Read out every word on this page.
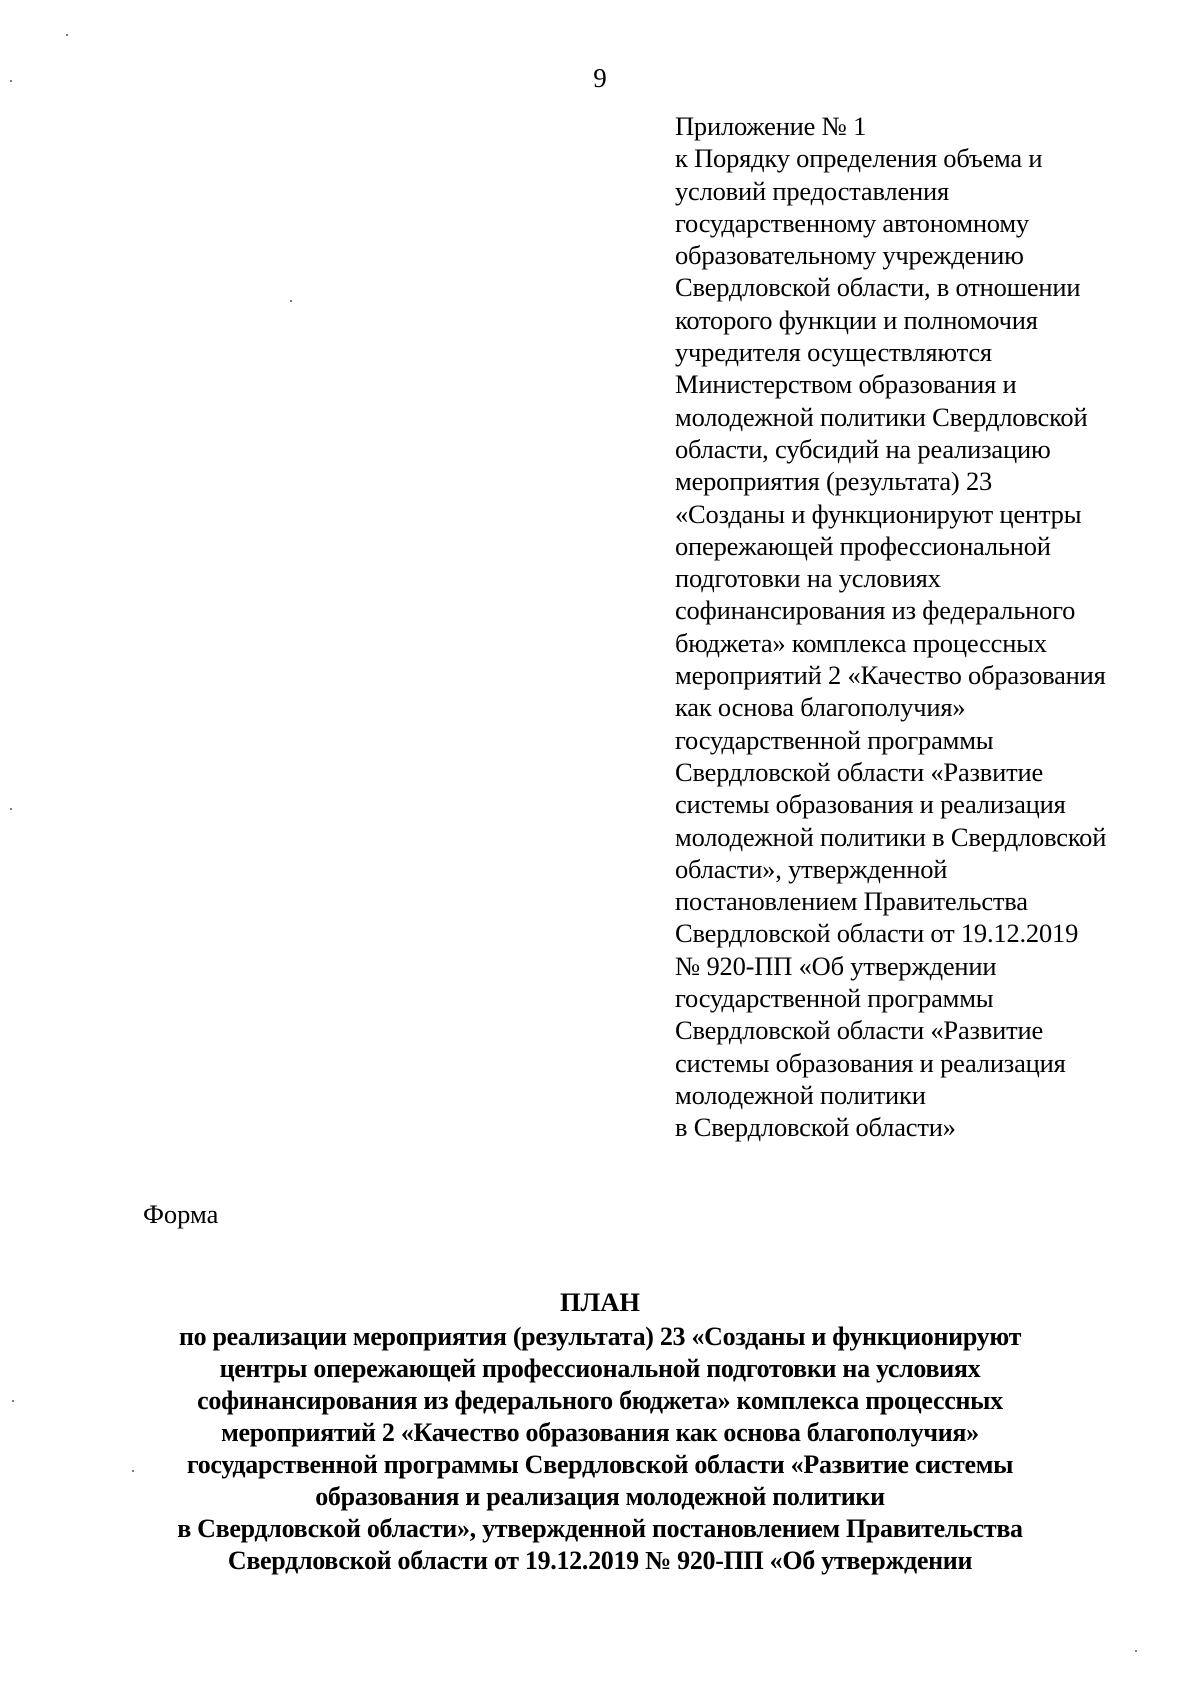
9
Приложение № 1
к Порядку определения объема и
условий предоставления
государственному автономному
образовательному учреждению
Свердловской области, в отношении
которого функции и полномочия
учредителя осуществляются
Министерством образования и
молодежной политики Свердловской
области, субсидий на реализацию
мероприятия (результата) 23
«Созданы и функционируют центры
опережающей профессиональной
подготовки на условиях
софинансирования из федерального
бюджета» комплекса процессных
мероприятий 2 «Качество образования
как основа благополучия»
государственной программы
Свердловской области «Развитие
системы образования и реализация
молодежной политики в Свердловской
области», утвержденной
постановлением Правительства
Свердловской области от 19.12.2019
№ 920-ПП «Об утверждении
государственной программы
Свердловской области «Развитие
системы образования и реализация
молодежной политики
в Свердловской области»
Форма
ПЛАН
по реализации мероприятия (результата) 23 «Созданы и функционируют
центры опережающей профессиональной подготовки на условиях
софинансирования из федерального бюджета» комплекса процессных
мероприятий 2 «Качество образования как основа благополучия»
государственной программы Свердловской области «Развитие системы
образования и реализация молодежной политики
в Свердловской области», утвержденной постановлением Правительства
Свердловской области от 19.12.2019 № 920-ПП «Об утверждении
